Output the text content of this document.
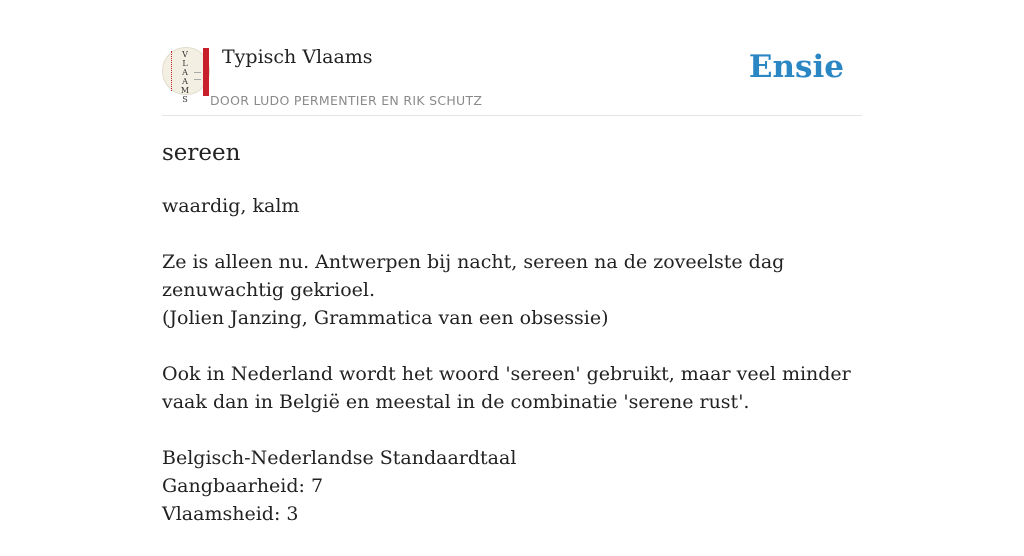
V
L
A
A
M
S
Typisch Vlaams
DOOR LUDO PERMENTIER EN RIK SCHUTZ
Ensie
sereen

waardig, kalm

Ze is alleen nu. Antwerpen bij nacht, sereen na de zoveelste dag zenuwachtig gekrioel.
(Jolien Janzing, Grammatica van een obsessie)

Ook in Nederland wordt het woord 'sereen' gebruikt, maar veel minder vaak dan in België en meestal in de combinatie 'serene rust'.

Belgisch-Nederlandse Standaardtaal
Gangbaarheid: 7
Vlaamsheid: 3
